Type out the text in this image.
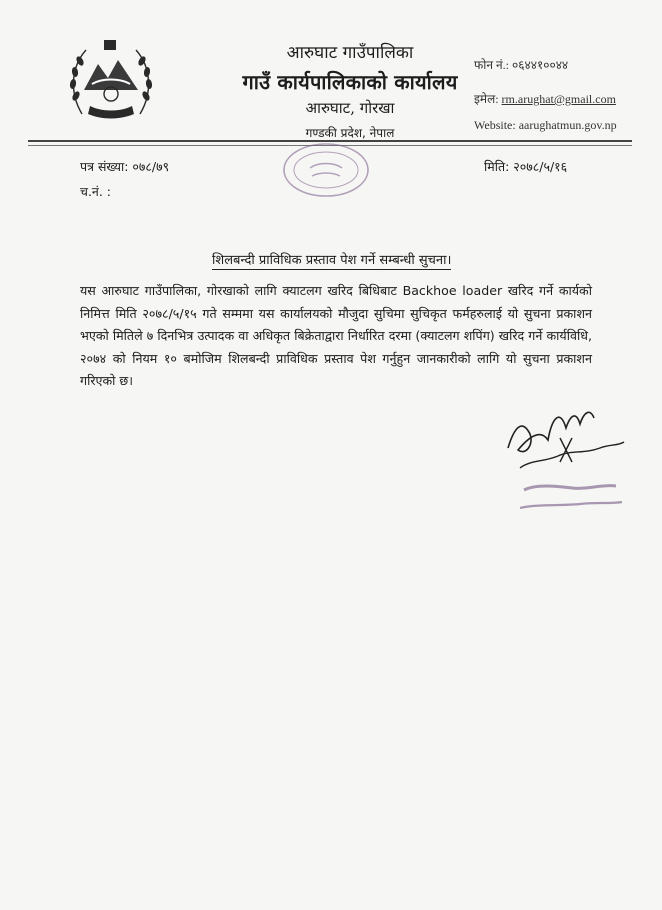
आरुघाट गाउँपालिका
गाउँ कार्यपालिकाको कार्यालय
आरुघाट, गोरखा
गण्डकी प्रदेश, नेपाल
फोन नं.: ०६४४१००४४
इमेल: rm.arughat@gmail.com
Website: aarughatmun.gov.np
पत्र संख्या: ०७८/७९
च.नं. :
मिति: २०७८/५/१६
शिलबन्दी प्राविधिक प्रस्ताव पेश गर्ने सम्बन्धी सुचना।
यस आरुघाट गाउँपालिका, गोरखाको लागि क्याटलग खरिद बिधिबाट Backhoe loader खरिद गर्ने कार्यको निमित्त मिति २०७८/५/१५ गते सम्ममा यस कार्यालयको मौजुदा सुचिमा सुचिकृत फर्महरुलाई यो सुचना प्रकाशन भएको मितिले ७ दिनभित्र उत्पादक वा अधिकृत बिक्रेताद्वारा निर्धारित दरमा (क्याटलग शपिंग) खरिद गर्ने कार्यविधि, २०७४ को नियम १० बमोजिम शिलबन्दी प्राविधिक प्रस्ताव पेश गर्नुहुन जानकारीको लागि यो सुचना प्रकाशन गरिएको छ।
